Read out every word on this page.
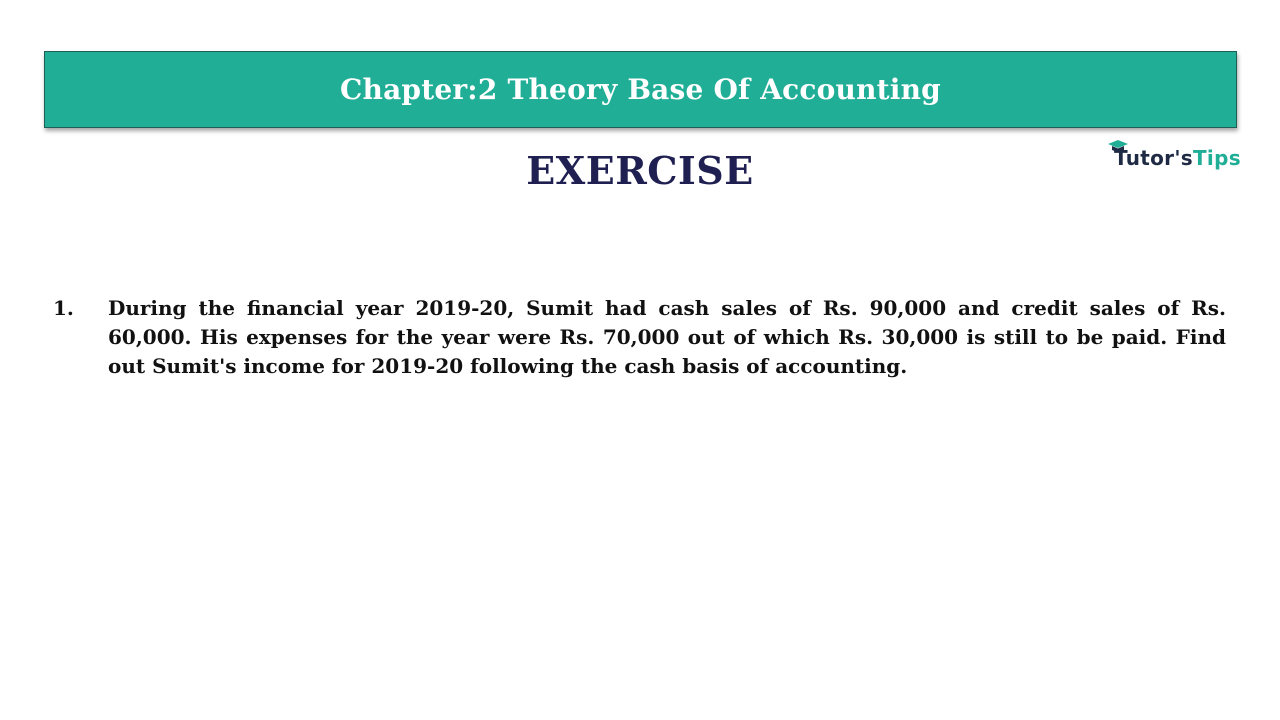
Chapter:2 Theory Base Of Accounting
Tutor'sTips
EXERCISE
1.	During the financial year 2019-20, Sumit had cash sales of Rs. 90,000 and credit sales of Rs. 60,000. His expenses for the year were Rs. 70,000 out of which Rs. 30,000 is still to be paid. Find out Sumit's income for 2019-20 following the cash basis of accounting.
